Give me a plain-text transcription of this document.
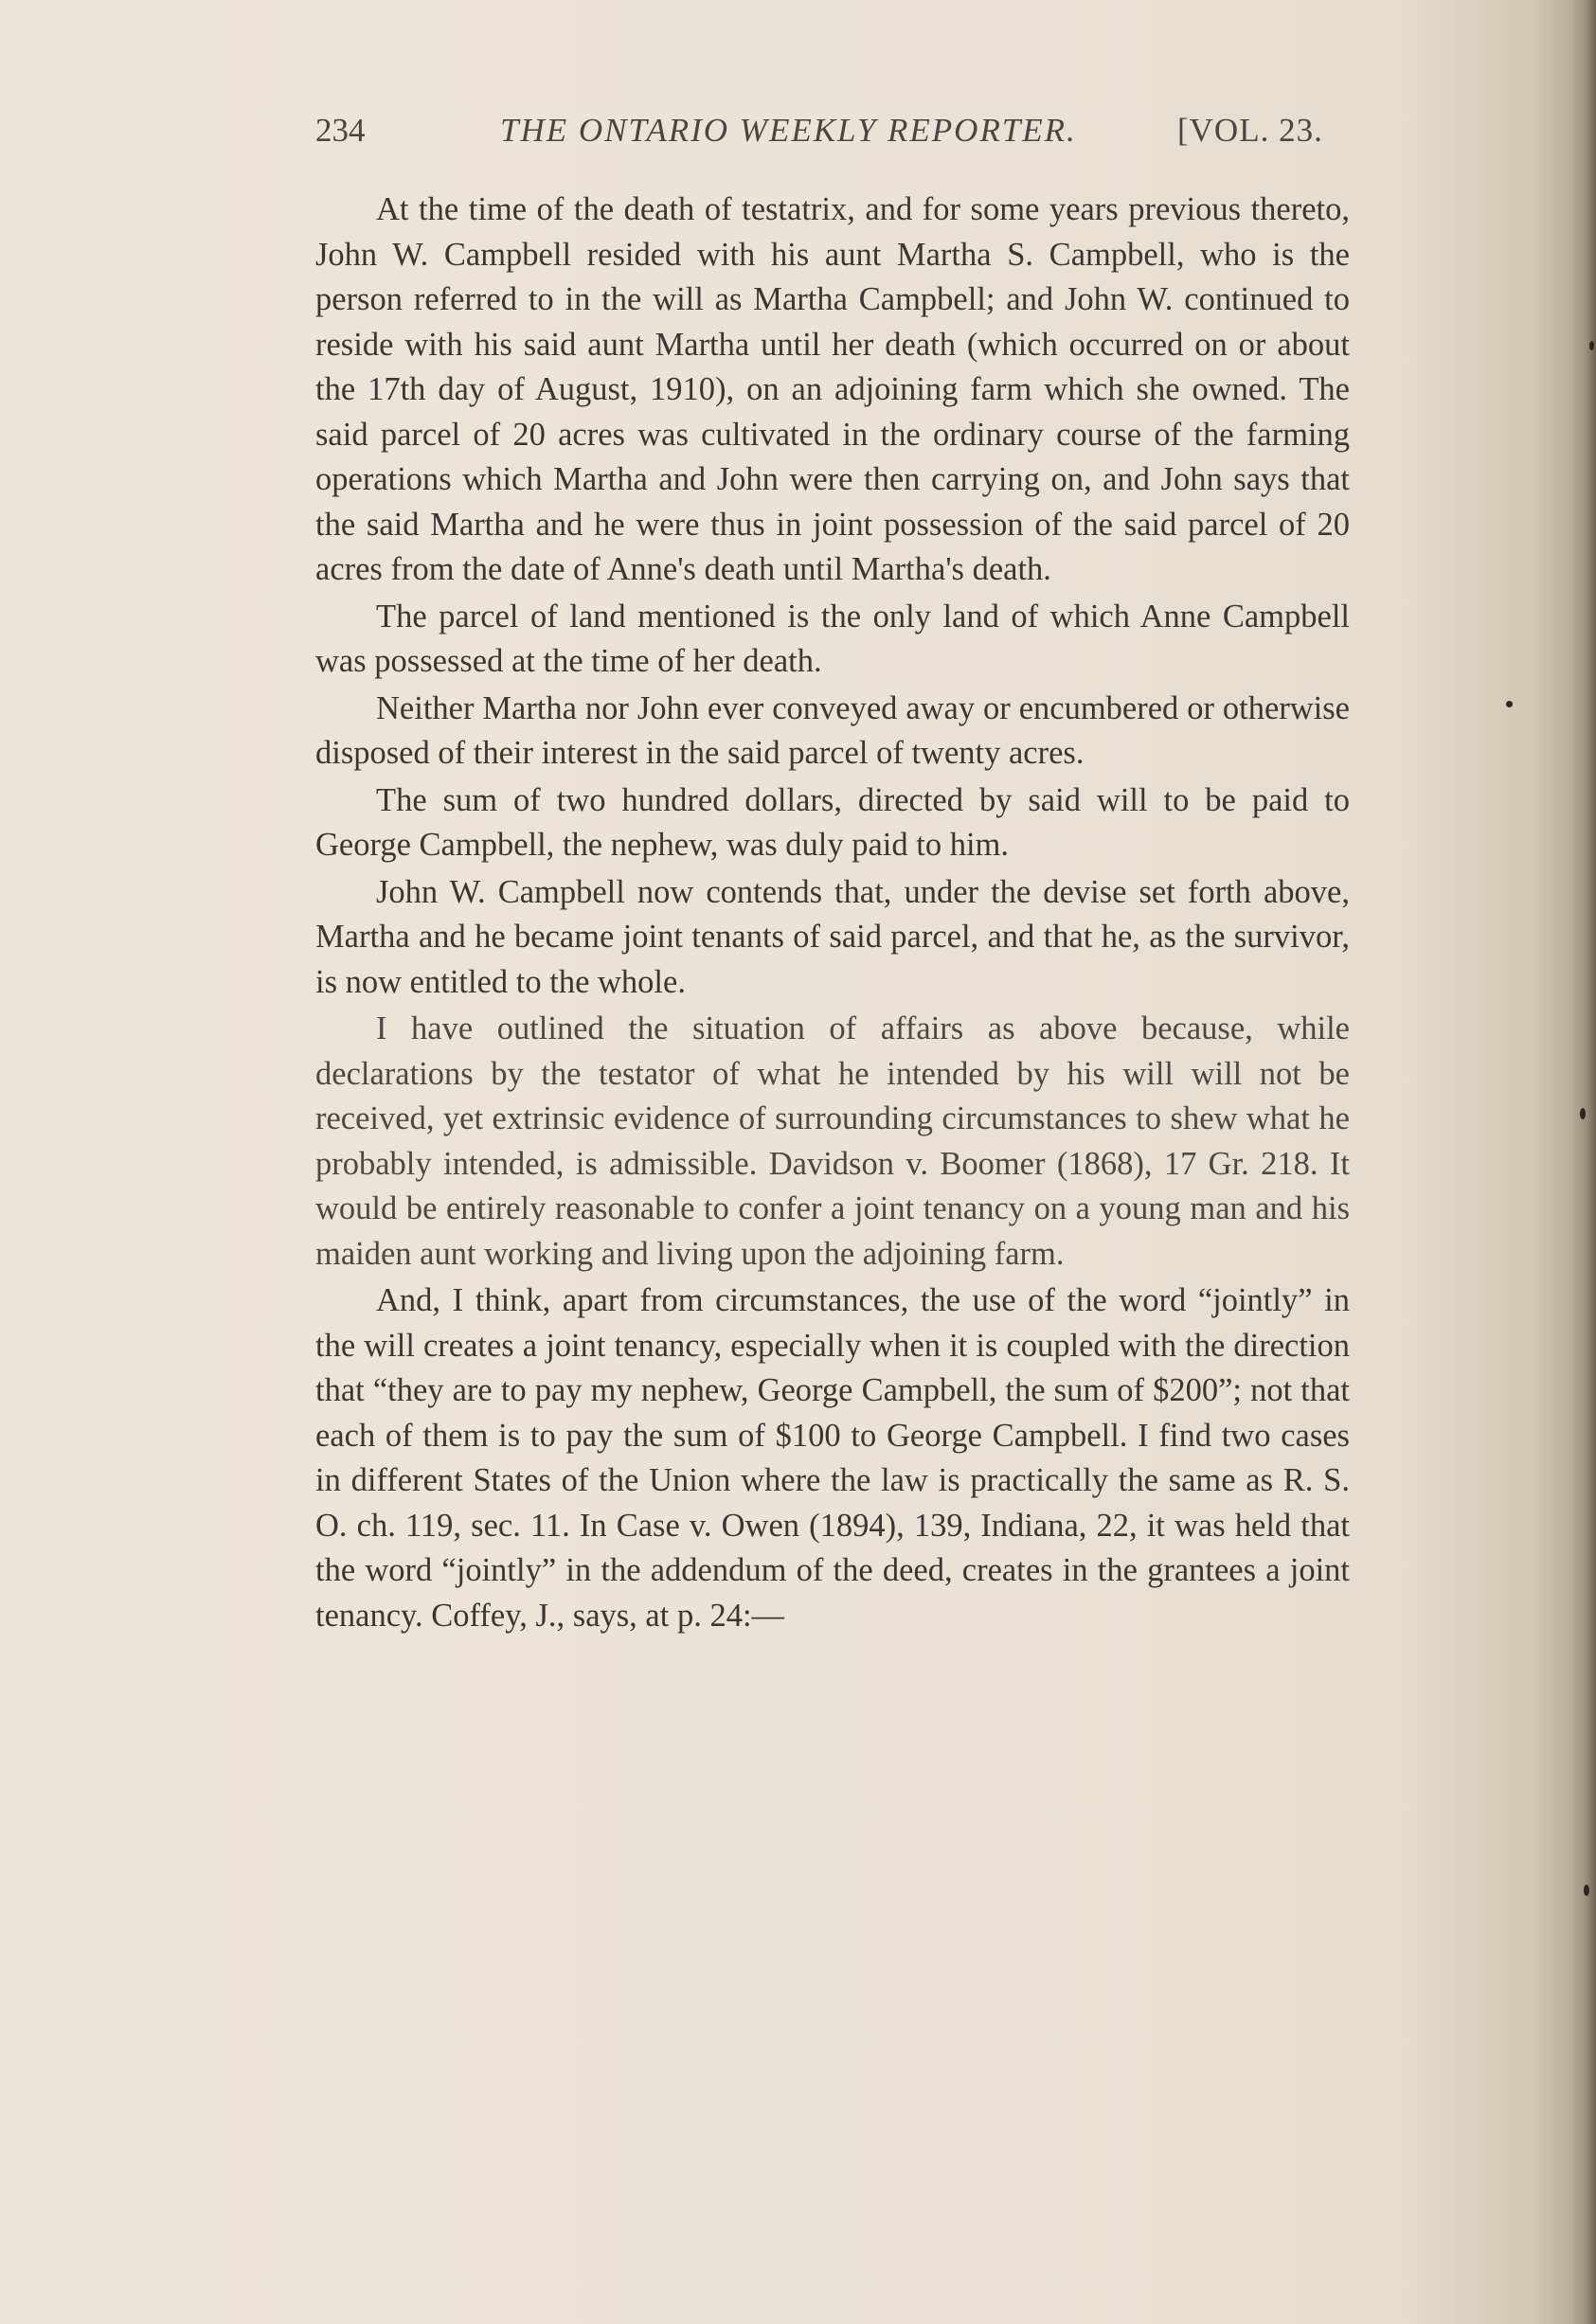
234	THE ONTARIO WEEKLY REPORTER.	[VOL. 23.

At the time of the death of testatrix, and for some years previous thereto, John W. Campbell resided with his aunt Martha S. Campbell, who is the person referred to in the will as Martha Campbell; and John W. continued to reside with his said aunt Martha until her death (which occurred on or about the 17th day of August, 1910), on an adjoining farm which she owned. The said parcel of 20 acres was cultivated in the ordinary course of the farming operations which Martha and John were then carrying on, and John says that the said Martha and he were thus in joint possession of the said parcel of 20 acres from the date of Anne's death until Martha's death.

The parcel of land mentioned is the only land of which Anne Campbell was possessed at the time of her death.

Neither Martha nor John ever conveyed away or encumbered or otherwise disposed of their interest in the said parcel of twenty acres.

The sum of two hundred dollars, directed by said will to be paid to George Campbell, the nephew, was duly paid to him.

John W. Campbell now contends that, under the devise set forth above, Martha and he became joint tenants of said parcel, and that he, as the survivor, is now entitled to the whole.

I have outlined the situation of affairs as above because, while declarations by the testator of what he intended by his will will not be received, yet extrinsic evidence of surrounding circumstances to shew what he probably intended, is admissible. Davidson v. Boomer (1868), 17 Gr. 218. It would be entirely reasonable to confer a joint tenancy on a young man and his maiden aunt working and living upon the adjoining farm.

And, I think, apart from circumstances, the use of the word “jointly” in the will creates a joint tenancy, especially when it is coupled with the direction that “they are to pay my nephew, George Campbell, the sum of $200”; not that each of them is to pay the sum of $100 to George Campbell. I find two cases in different States of the Union where the law is practically the same as R. S. O. ch. 119, sec. 11. In Case v. Owen (1894), 139, Indiana, 22, it was held that the word “jointly” in the addendum of the deed, creates in the grantees a joint tenancy. Coffey, J., says, at p. 24:—
